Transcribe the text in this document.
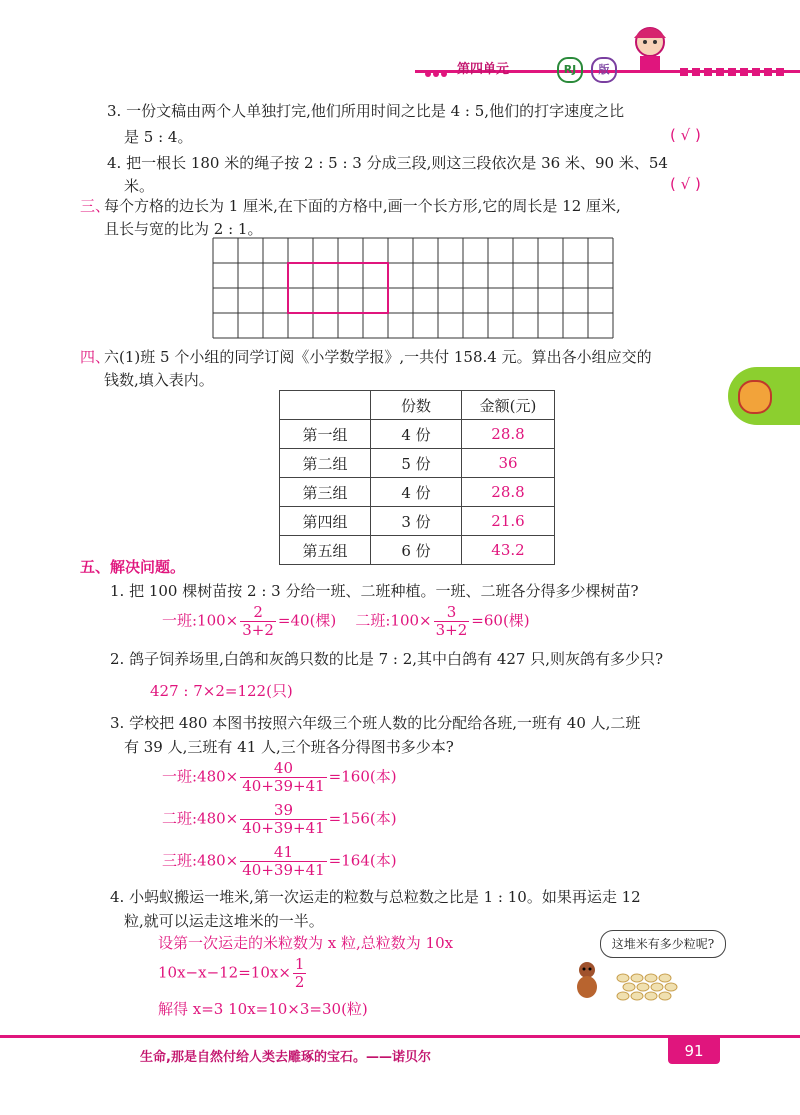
第四单元	RJ	版
3. 一份文稿由两个人单独打完,他们所用时间之比是 4 : 5,他们的打字速度之比
是 5 : 4。	( √ )
4. 把一根长 180 米的绳子按 2 : 5 : 3 分成三段,则这三段依次是 36 米、90 米、54
米。	( √ )
三、
每个方格的边长为 1 厘米,在下面的方格中,画一个长方形,它的周长是 12 厘米,
且长与宽的比为 2 : 1。
四、
六(1)班 5 个小组的同学订阅《小学数学报》,一共付 158.4 元。算出各小组应交的
钱数,填入表内。
	份数	金额(元)
第一组	4 份	28.8
第二组	5 份	36
第三组	4 份	28.8
第四组	3 份	21.6
第五组	6 份	43.2
五、解决问题。
1. 把 100 棵树苗按 2 : 3 分给一班、二班种植。一班、二班各分得多少棵树苗?
一班:100× $\frac{2}{3+2} =40$(棵) 二班:100× $\frac{3}{3+2} =60$(棵)
2. 鸽子饲养场里,白鸽和灰鸽只数的比是 7 : 2,其中白鸽有 427 只,则灰鸽有多少只?
427 : 7×2=122(只)
3. 学校把 480 本图书按照六年级三个班人数的比分配给各班,一班有 40 人,二班
有 39 人,三班有 41 人,三个班各分得图书多少本?
一班:480× $\frac{40}{40+39+41} =160$(本)
二班:480× $\frac{39}{40+39+41} =156$(本)
三班:480× $\frac{41}{40+39+41} =164$(本)
4. 小蚂蚁搬运一堆米,第一次运走的粒数与总粒数之比是 1 : 10。如果再运走 12
粒,就可以运走这堆米的一半。
设第一次运走的米粒数为 x 粒,总粒数为 10x
$10x-x-12=10x\times \frac{1}{2}$
解得 x=3 10x=10×3=30(粒)
这堆米有多少粒呢?
生命,那是自然付给人类去雕琢的宝石。——诺贝尔	91
